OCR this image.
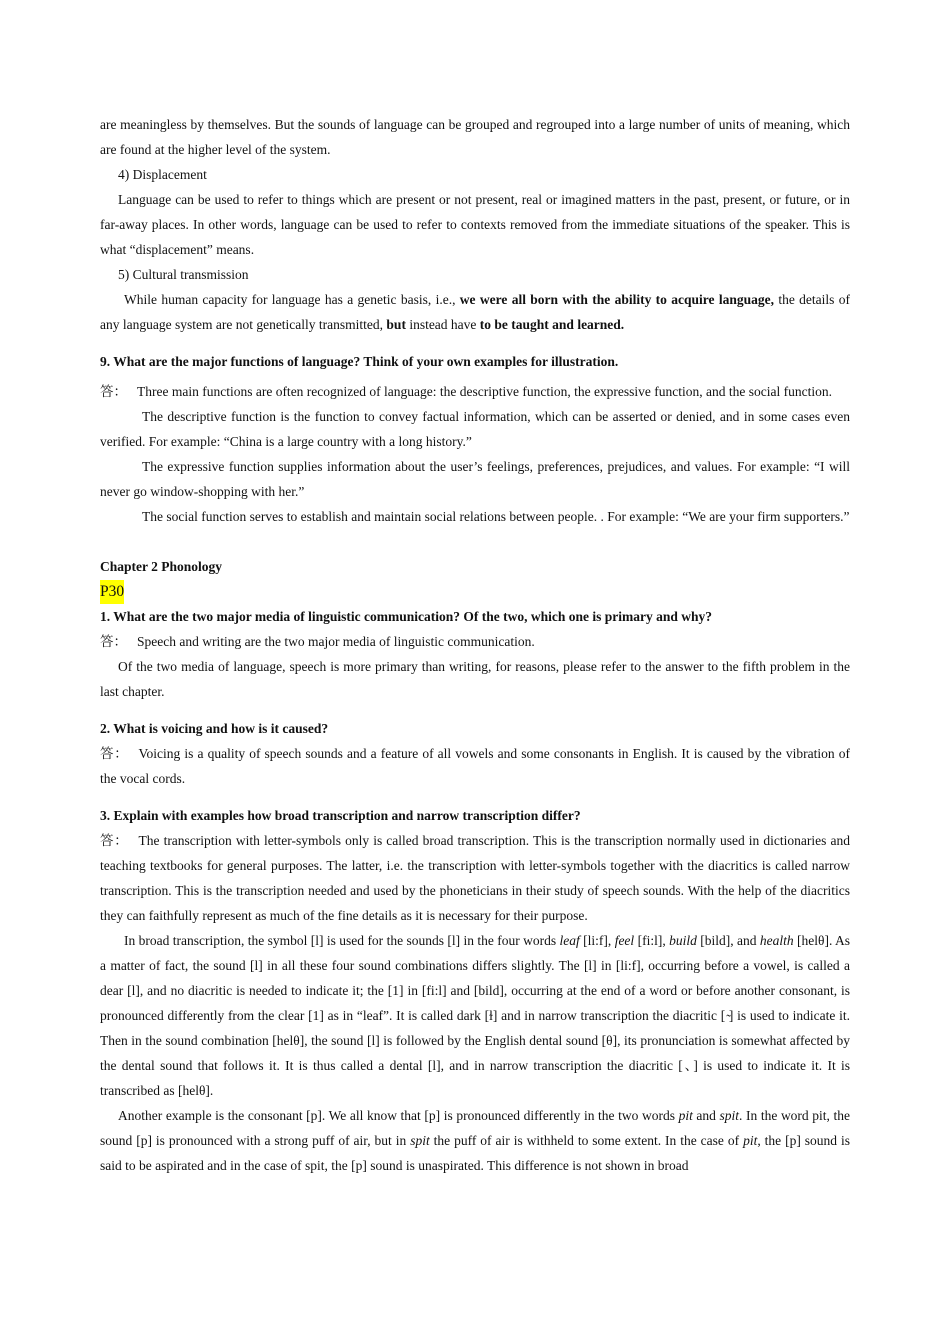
are meaningless by themselves. But the sounds of language can be grouped and regrouped into a large number of units of meaning, which are found at the higher level of the system.

4) Displacement

Language can be used to refer to things which are present or not present, real or imagined matters in the past, present, or future, or in far-away places. In other words, language can be used to refer to contexts removed from the immediate situations of the speaker. This is what “displacement” means.

5) Cultural transmission

While human capacity for language has a genetic basis, i.e., we were all born with the ability to acquire language, the details of any language system are not genetically transmitted, but instead have to be taught and learned.

9. What are the major functions of language? Think of your own examples for illustration.

答： Three main functions are often recognized of language: the descriptive function, the expressive function, and the social function.

The descriptive function is the function to convey factual information, which can be asserted or denied, and in some cases even verified. For example: “China is a large country with a long history.”

The expressive function supplies information about the user’s feelings, preferences, prejudices, and values. For example: “I will never go window-shopping with her.”

The social function serves to establish and maintain social relations between people. . For example: “We are your firm supporters.”

Chapter 2 Phonology

P30

1. What are the two major media of linguistic communication? Of the two, which one is primary and why?

答： Speech and writing are the two major media of linguistic communication.

Of the two media of language, speech is more primary than writing, for reasons, please refer to the answer to the fifth problem in the last chapter.

2. What is voicing and how is it caused?

答： Voicing is a quality of speech sounds and a feature of all vowels and some consonants in English. It is caused by the vibration of the vocal cords.

3. Explain with examples how broad transcription and narrow transcription differ?

答： The transcription with letter-symbols only is called broad transcription. This is the transcription normally used in dictionaries and teaching textbooks for general purposes. The latter, i.e. the transcription with letter-symbols together with the diacritics is called narrow transcription. This is the transcription needed and used by the phoneticians in their study of speech sounds. With the help of the diacritics they can faithfully represent as much of the fine details as it is necessary for their purpose.

In broad transcription, the symbol [l] is used for the sounds [l] in the four words leaf [li:f], feel [fi:l], build [bild], and health [helθ]. As a matter of fact, the sound [l] in all these four sound combinations differs slightly. The [l] in [li:f], occurring before a vowel, is called a dear [l], and no diacritic is needed to indicate it; the [1] in [fi:l] and [bild], occurring at the end of a word or before another consonant, is pronounced differently from the clear [1] as in “leaf”. It is called dark [ɫ] and in narrow transcription the diacritic [ ̴] is used to indicate it. Then in the sound combination [helθ], the sound [l] is followed by the English dental sound [θ], its pronunciation is somewhat affected by the dental sound that follows it. It is thus called a dental [l], and in narrow transcription the diacritic [、] is used to indicate it. It is transcribed as [helθ].

Another example is the consonant [p]. We all know that [p] is pronounced differently in the two words pit and spit. In the word pit, the sound [p] is pronounced with a strong puff of air, but in spit the puff of air is withheld to some extent. In the case of pit, the [p] sound is said to be aspirated and in the case of spit, the [p] sound is unaspirated. This difference is not shown in broad
